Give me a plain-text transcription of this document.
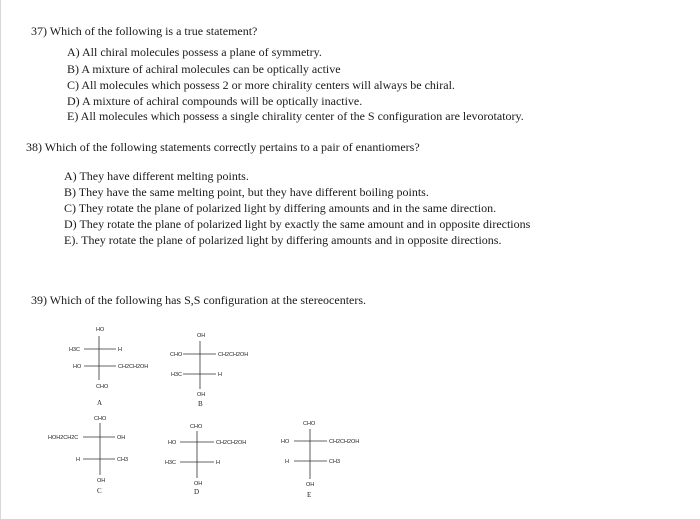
37) Which of the following is a true statement?
A) All chiral molecules possess a plane of symmetry.
B) A mixture of achiral molecules can be optically active
C) All molecules which possess 2 or more chirality centers will always be chiral.
D) A mixture of achiral compounds will be optically inactive.
E) All molecules which possess a single chirality center of the S configuration are levorotatory.
38) Which of the following statements correctly pertains to a pair of enantiomers?
A) They have different melting points.
B) They have the same melting point, but they have different boiling points.
C) They rotate the plane of polarized light by differing amounts and in the same direction.
D) They rotate the plane of polarized light by exactly the same amount and in opposite directions
E). They rotate the plane of polarized light by differing amounts and in opposite directions.
39) Which of the following has S,S configuration at the stereocenters.
HO
H3C	H
HO	CH2CH2OH
CHO
A
OH
CHO	CH2CH2OH
H3C	H
OH
B
CHO
HOH2CH2C	OH
H	CH3
OH
C
CHO
HO	CH2CH2OH
H3C	H
OH
D
CHO
HO	CH2CH2OH
H	CH3
OH
E
